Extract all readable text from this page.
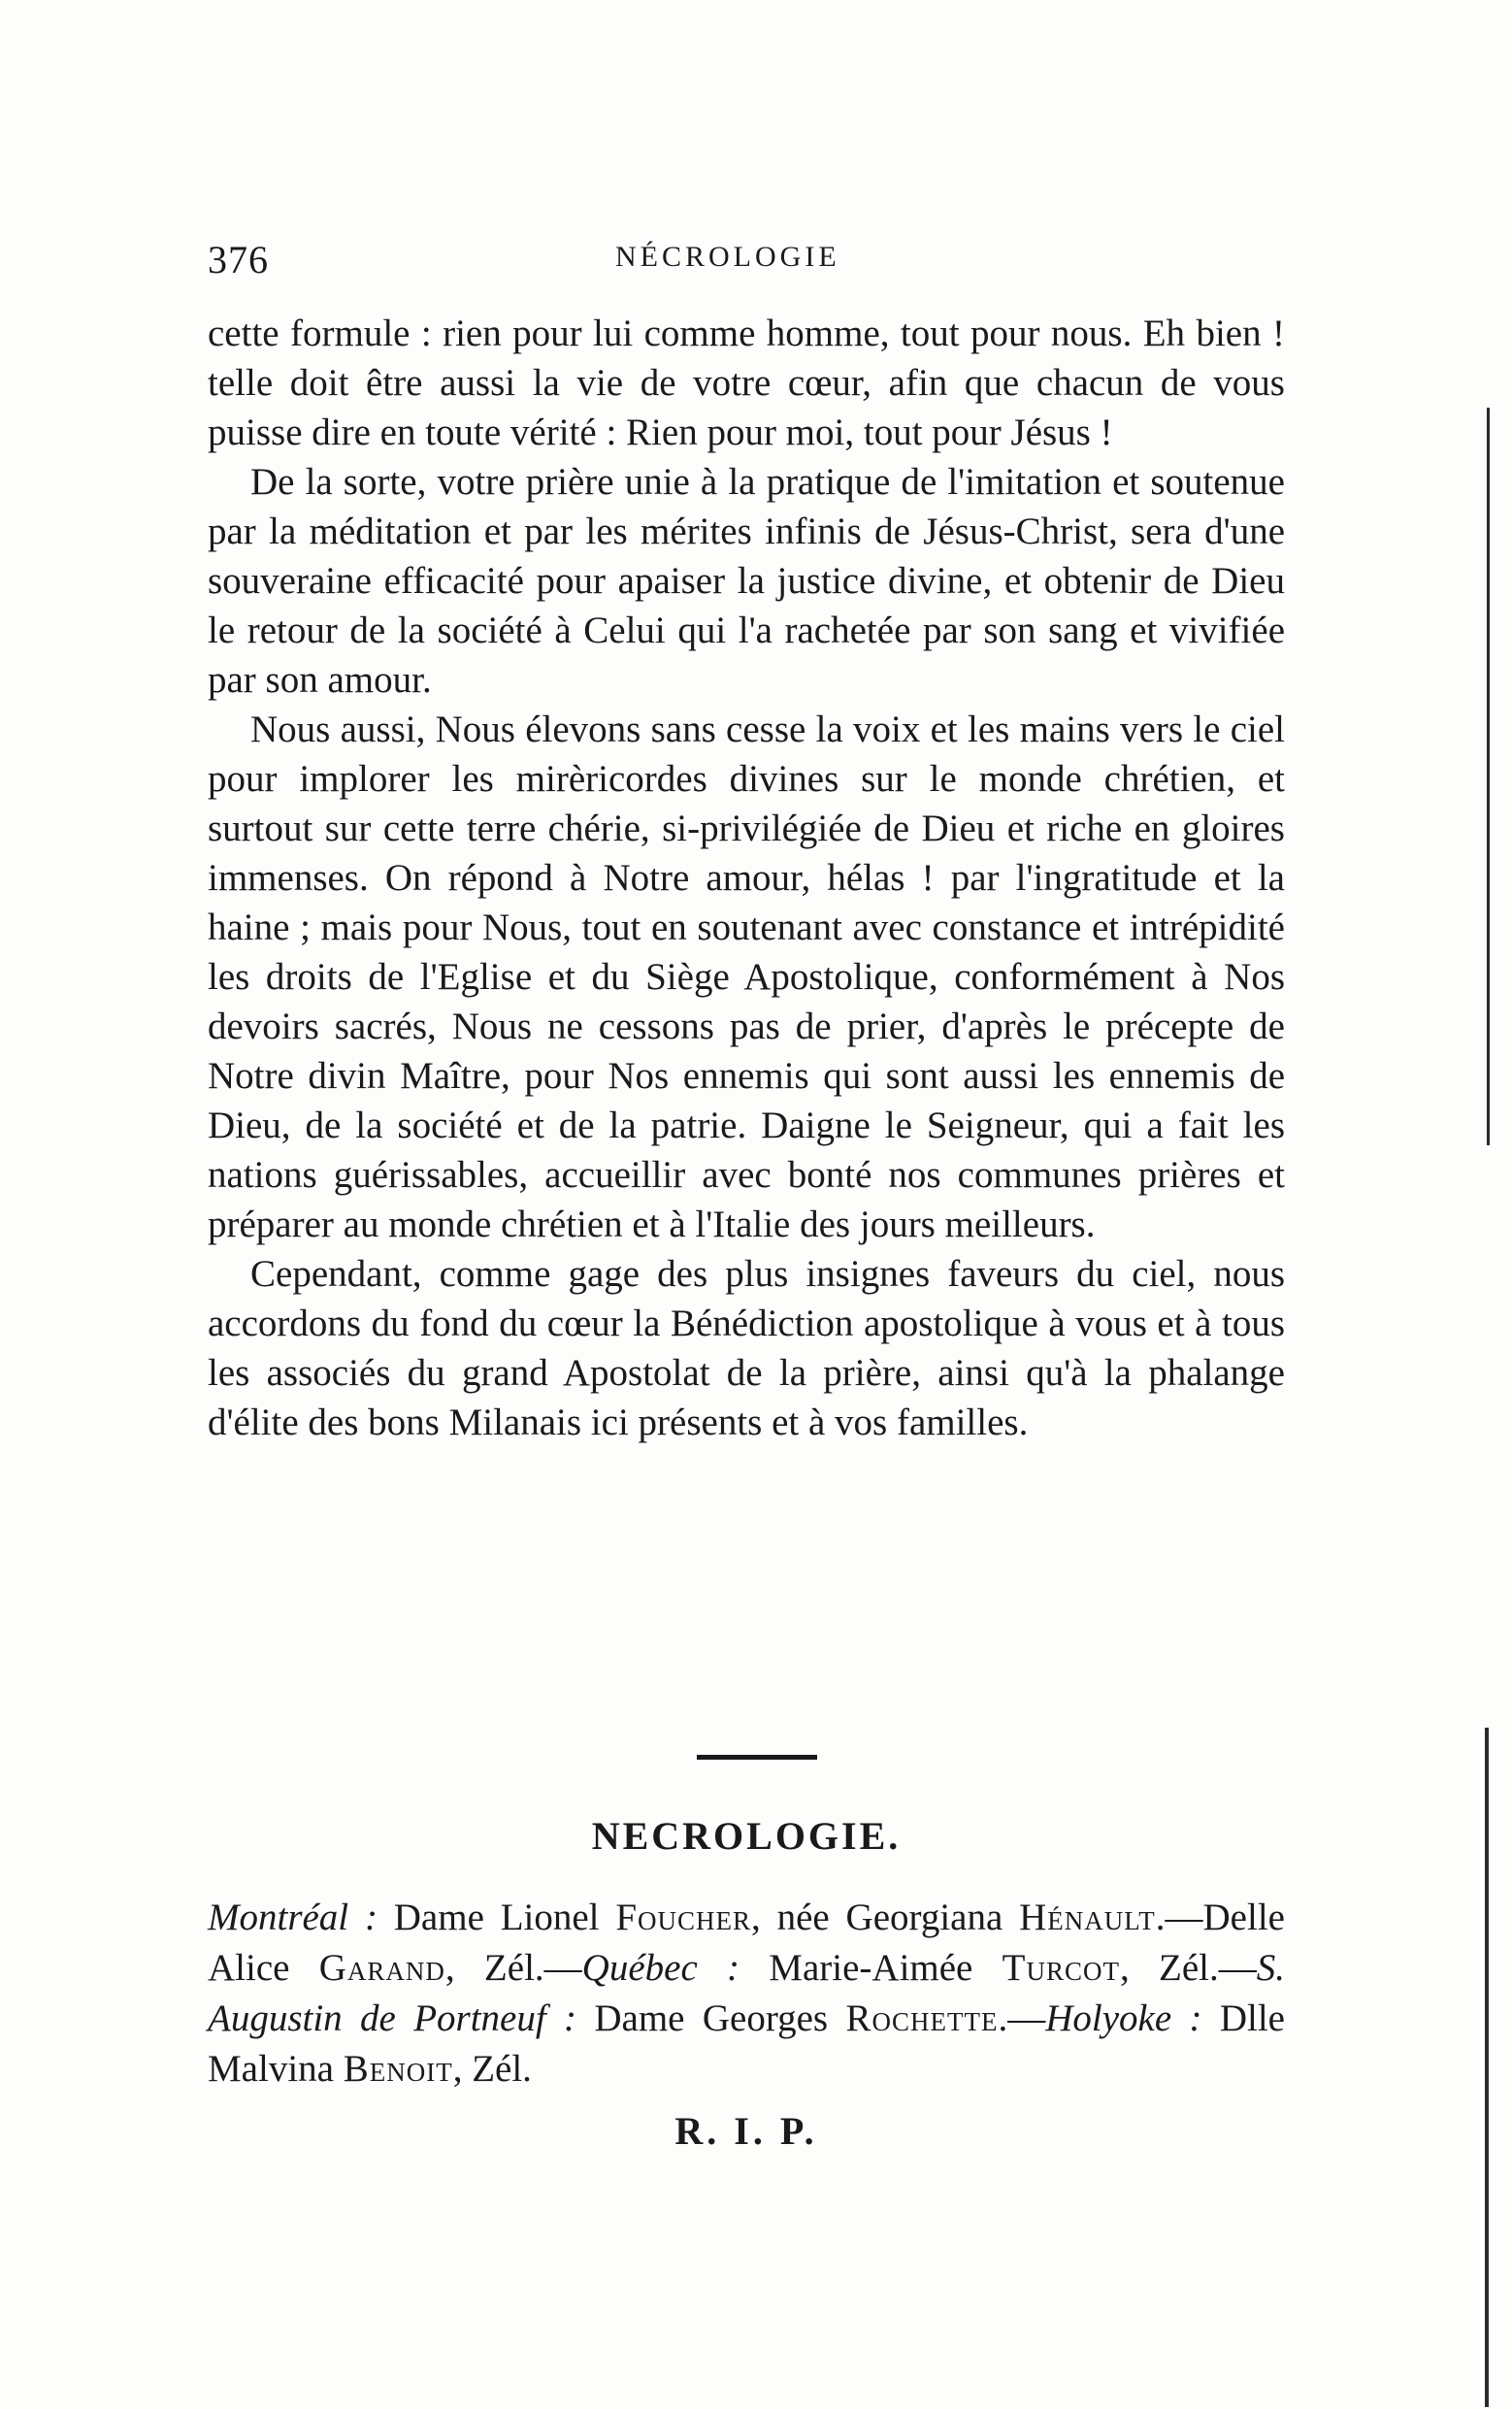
376	NÉCROLOGIE

cette formule : rien pour lui comme homme, tout pour nous. Eh bien ! telle doit être aussi la vie de votre cœur, afin que chacun de vous puisse dire en toute vérité : Rien pour moi, tout pour Jésus !

De la sorte, votre prière unie à la pratique de l'imitation et soutenue par la méditation et par les mérites infinis de Jésus-Christ, sera d'une souveraine efficacité pour apaiser la justice divine, et obtenir de Dieu le retour de la société à Celui qui l'a rachetée par son sang et vivifiée par son amour.

Nous aussi, Nous élevons sans cesse la voix et les mains vers le ciel pour implorer les mirèricordes divines sur le monde chrétien, et surtout sur cette terre chérie, si-privilégiée de Dieu et riche en gloires immenses. On répond à Notre amour, hélas ! par l'ingratitude et la haine ; mais pour Nous, tout en soutenant avec constance et intrépidité les droits de l'Eglise et du Siège Apostolique, conformément à Nos devoirs sacrés, Nous ne cessons pas de prier, d'après le précepte de Notre divin Maître, pour Nos ennemis qui sont aussi les ennemis de Dieu, de la société et de la patrie. Daigne le Seigneur, qui a fait les nations guérissables, accueillir avec bonté nos communes prières et préparer au monde chrétien et à l'Italie des jours meilleurs.

Cependant, comme gage des plus insignes faveurs du ciel, nous accordons du fond du cœur la Bénédiction apostolique à vous et à tous les associés du grand Apostolat de la prière, ainsi qu'à la phalange d'élite des bons Milanais ici présents et à vos familles.

NECROLOGIE.
Montréal : Dame Lionel Foucher, née Georgiana Hénault.—Delle Alice Garand, Zél.—Québec : Marie-Aimée Turcot, Zél.—S. Augustin de Portneuf : Dame Georges Rochette.—Holyoke : Dlle Malvina Benoit, Zél.
R. I. P.
